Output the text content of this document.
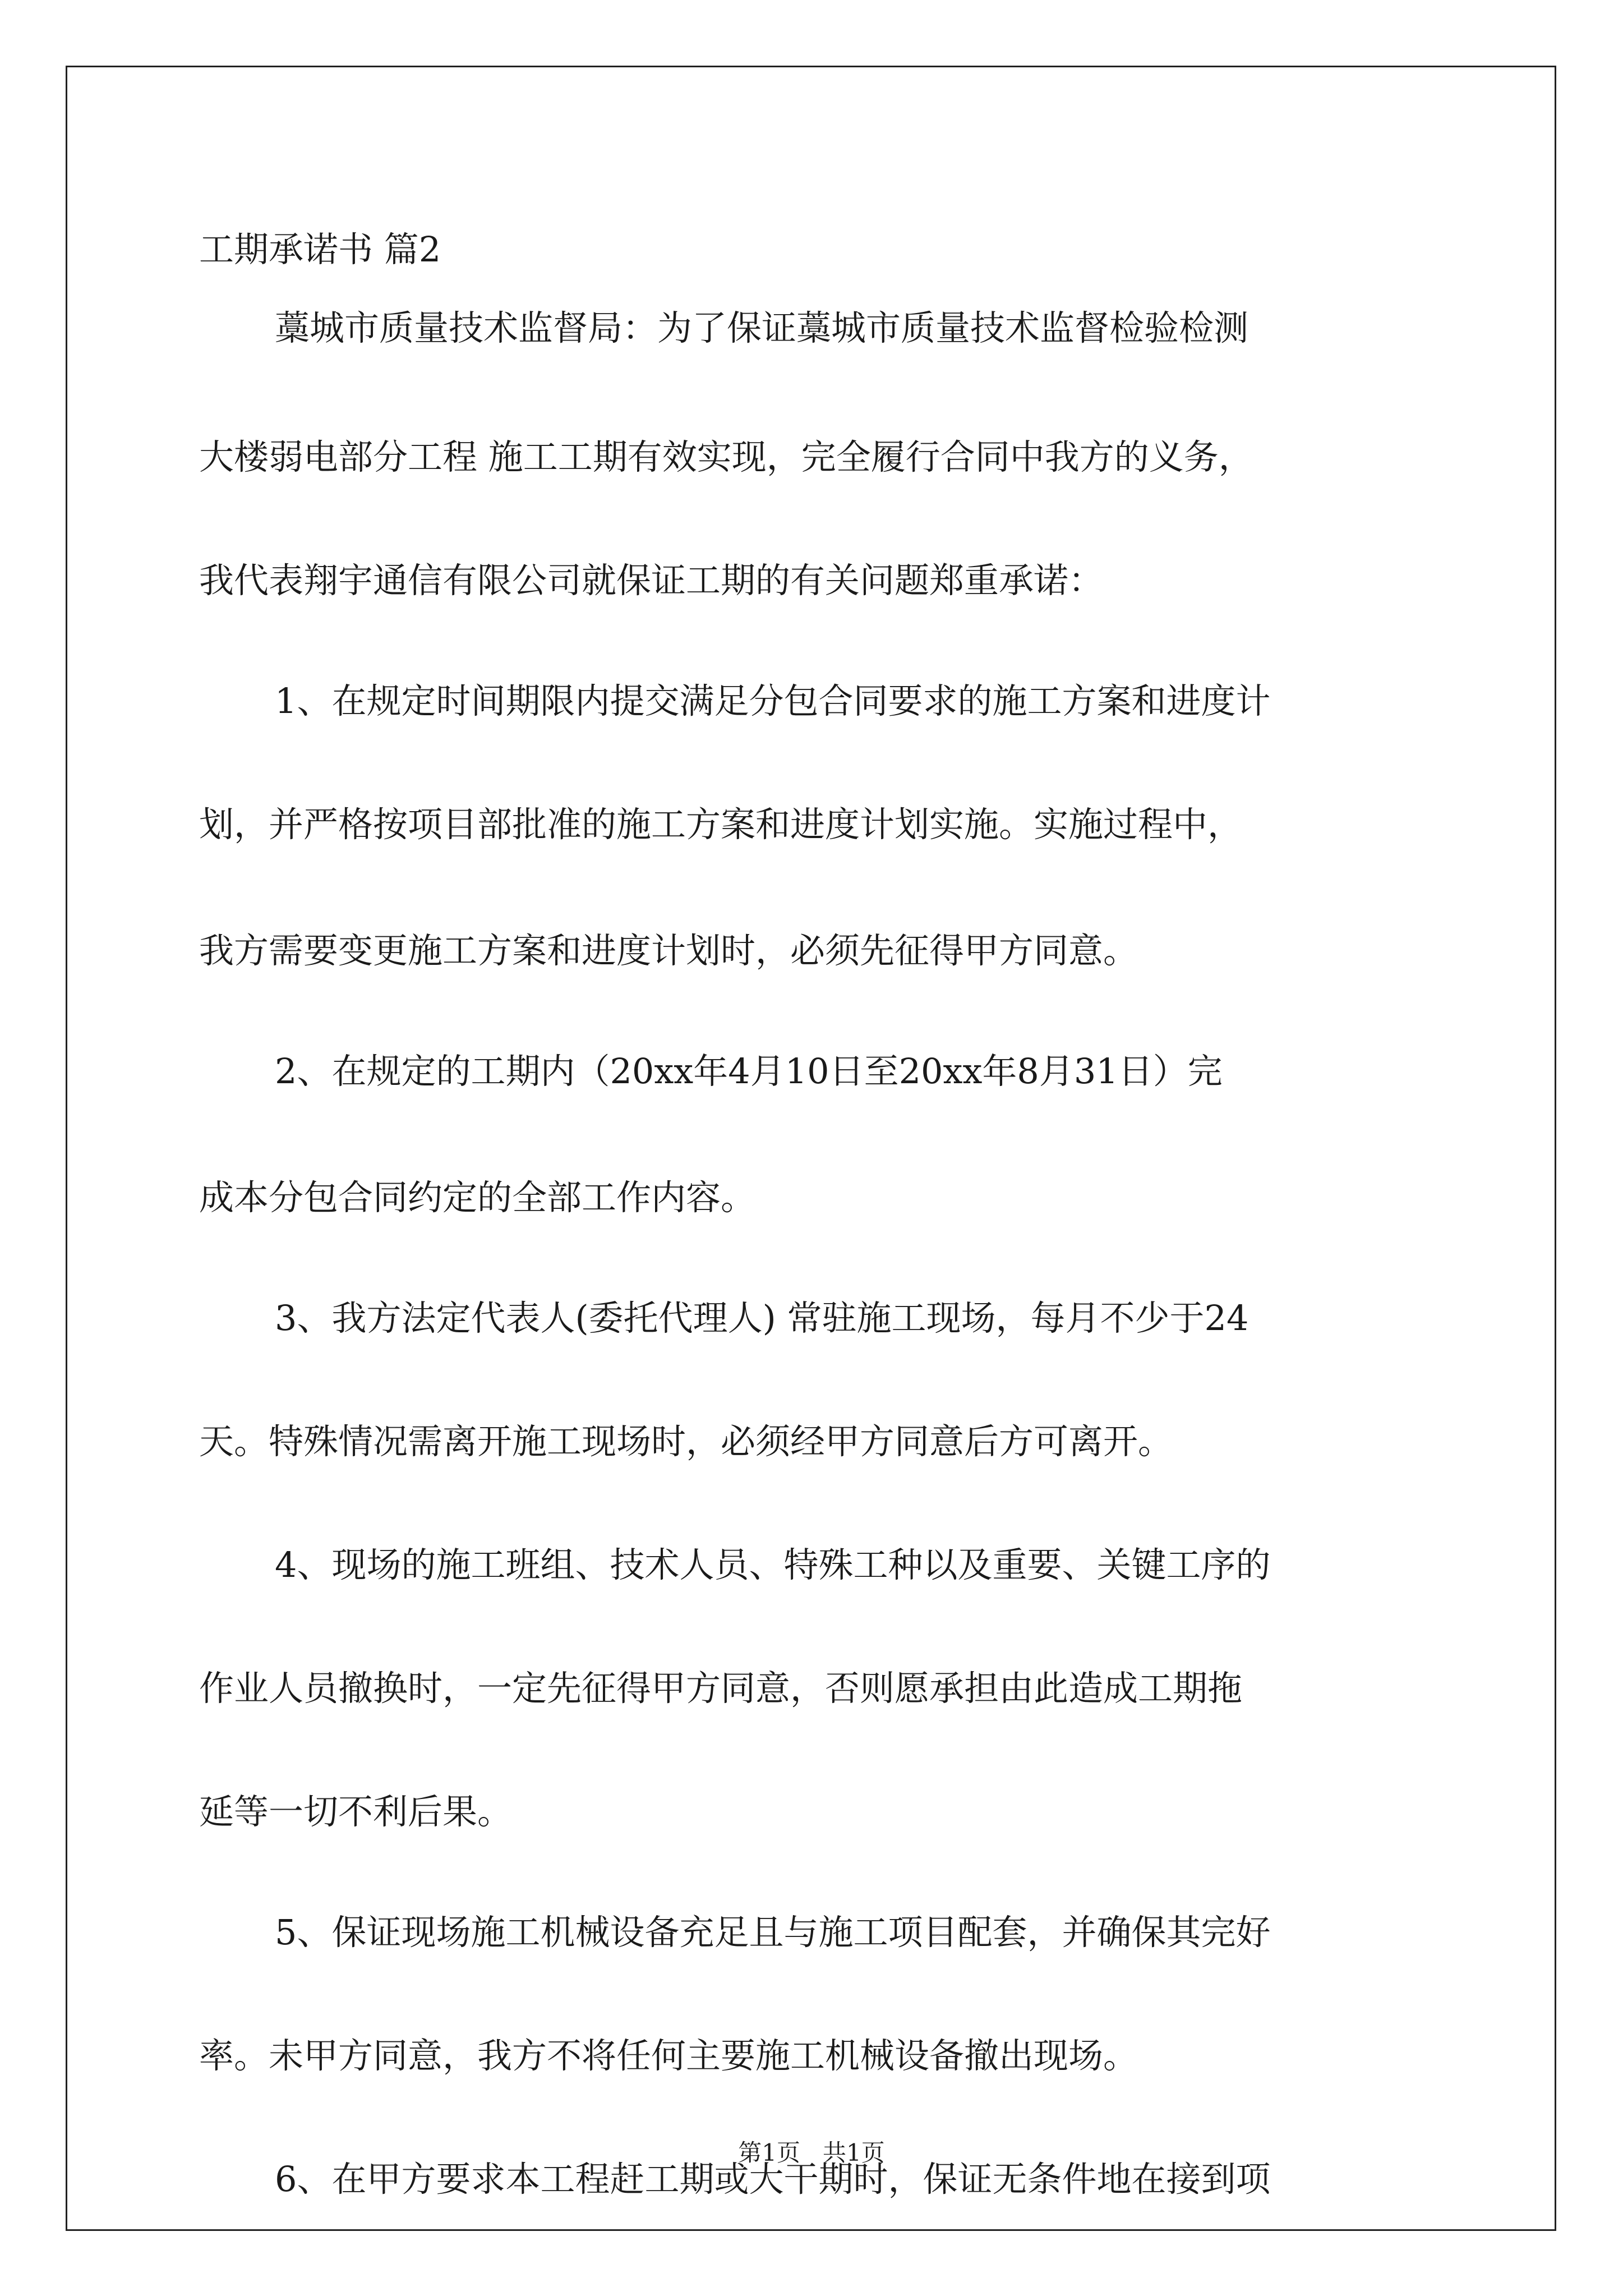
工期承诺书 篇2

藁城市质量技术监督局：为了保证藁城市质量技术监督检验检测

大楼弱电部分工程 施工工期有效实现，完全履行合同中我方的义务，

我代表翔宇通信有限公司就保证工期的有关问题郑重承诺：

1、在规定时间期限内提交满足分包合同要求的施工方案和进度计

划，并严格按项目部批准的施工方案和进度计划实施。实施过程中，

我方需要变更施工方案和进度计划时，必须先征得甲方同意。

2、在规定的工期内（20xx年4月10日至20xx年8月31日）完

成本分包合同约定的全部工作内容。

3、我方法定代表人(委托代理人) 常驻施工现场，每月不少于24

天。特殊情况需离开施工现场时，必须经甲方同意后方可离开。

4、现场的施工班组、技术人员、特殊工种以及重要、关键工序的

作业人员撤换时，一定先征得甲方同意，否则愿承担由此造成工期拖

延等一切不利后果。

5、保证现场施工机械设备充足且与施工项目配套，并确保其完好

率。未甲方同意，我方不将任何主要施工机械设备撤出现场。

6、在甲方要求本工程赶工期或大干期时，保证无条件地在接到项

第1页   共1页
